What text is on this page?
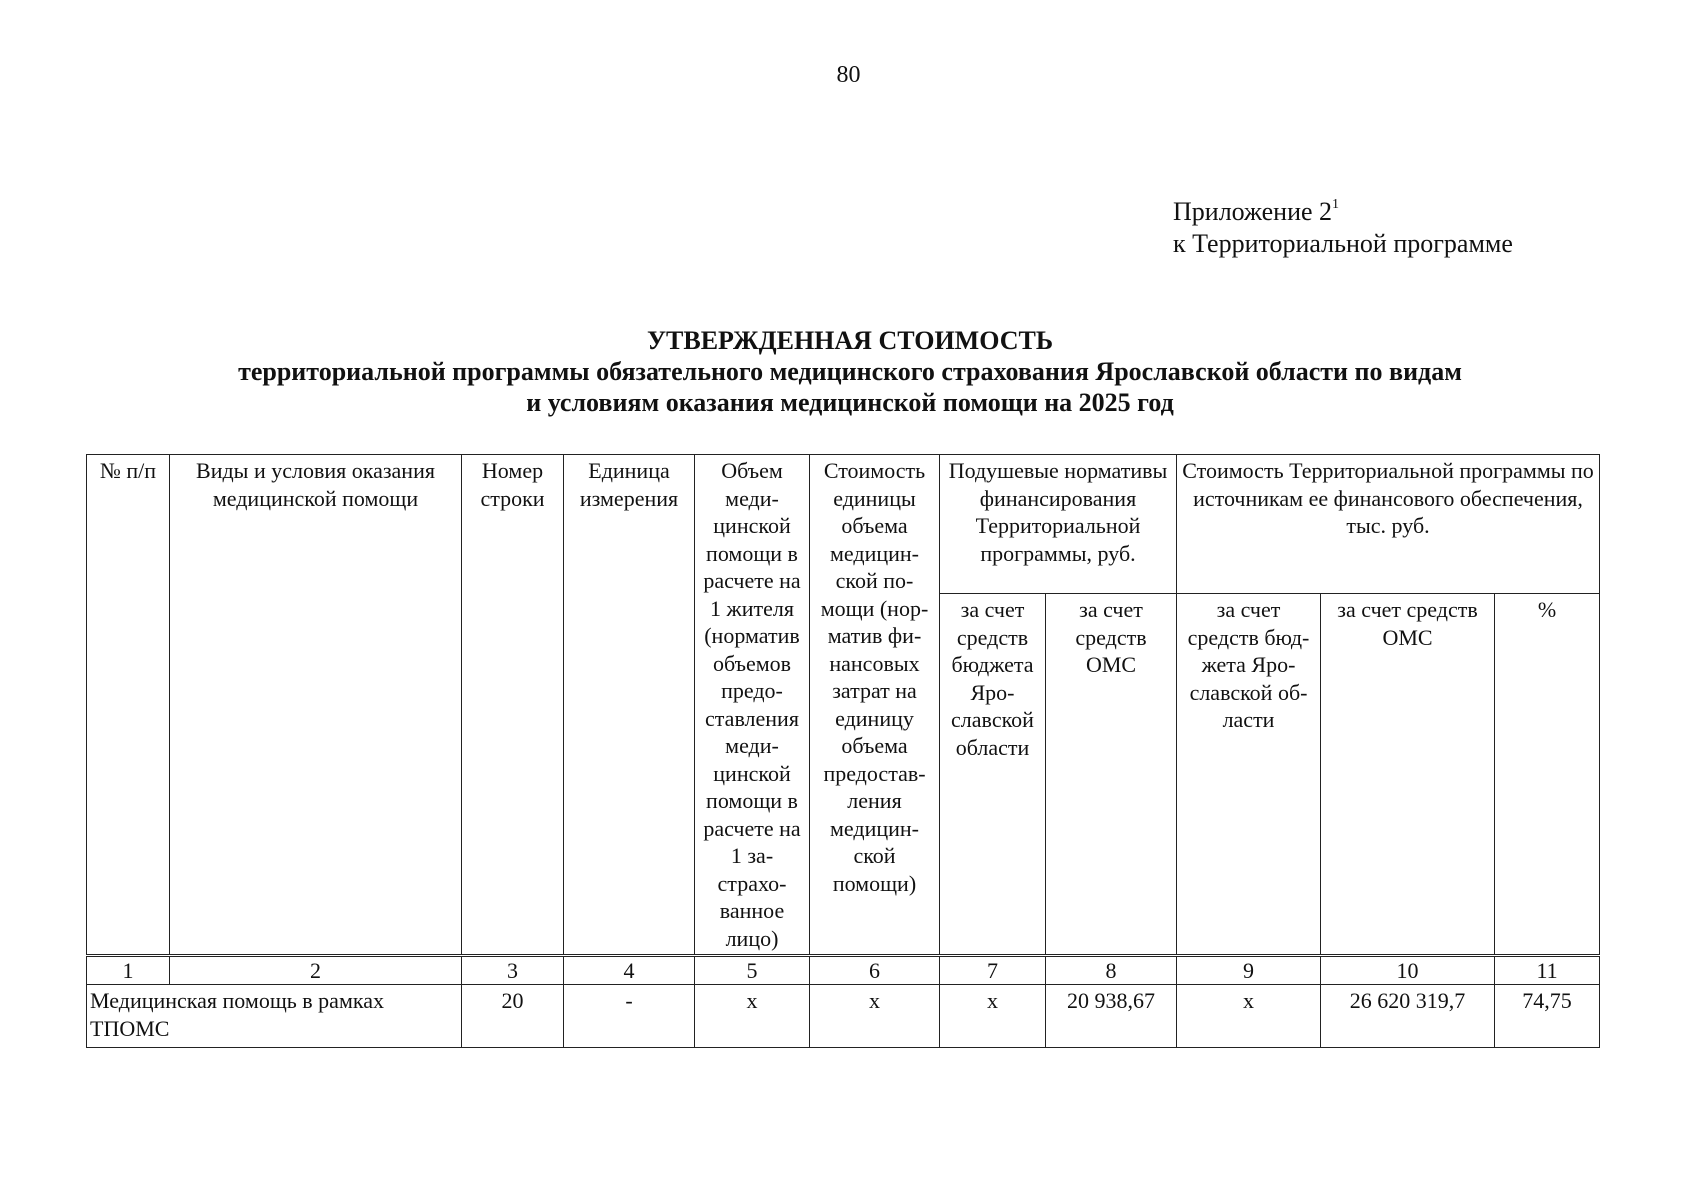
80
Приложение $2^1$
к Территориальной программе
УТВЕРЖДЕННАЯ СТОИМОСТЬ
территориальной программы обязательного медицинского страхования Ярославской области по видам
и условиям оказания медицинской помощи на 2025 год
№ п/п	Виды и условия оказания медицинской помощи	Номер строки	Единица измерения	Объем меди-цинской помощи в расчете на 1 жителя (норматив объемов предо-ставления меди-цинской помощи в расчете на 1 за-страхо-ванное лицо)	Стоимость единицы объема медицин-ской по-мощи (нор-матив фи-нансовых затрат на единицу объема предостав-ления медицин-ской помощи)	Подушевые нормативы финансирования Территориальной программы, руб.		Стоимость Территориальной программы по источникам ее финансового обеспечения, тыс. руб.		
						за счет средств бюджета Яро-славской области	за счет средств ОМС	за счет средств бюд-жета Яро-славской об-ласти	за счет средств ОМС	%
1	2	3	4	5	6	7	8	9	10	11
Медицинская помощь в рамках ТПОМС		20	-	х	х	х	20 938,67	х	26 620 319,7	74,75
